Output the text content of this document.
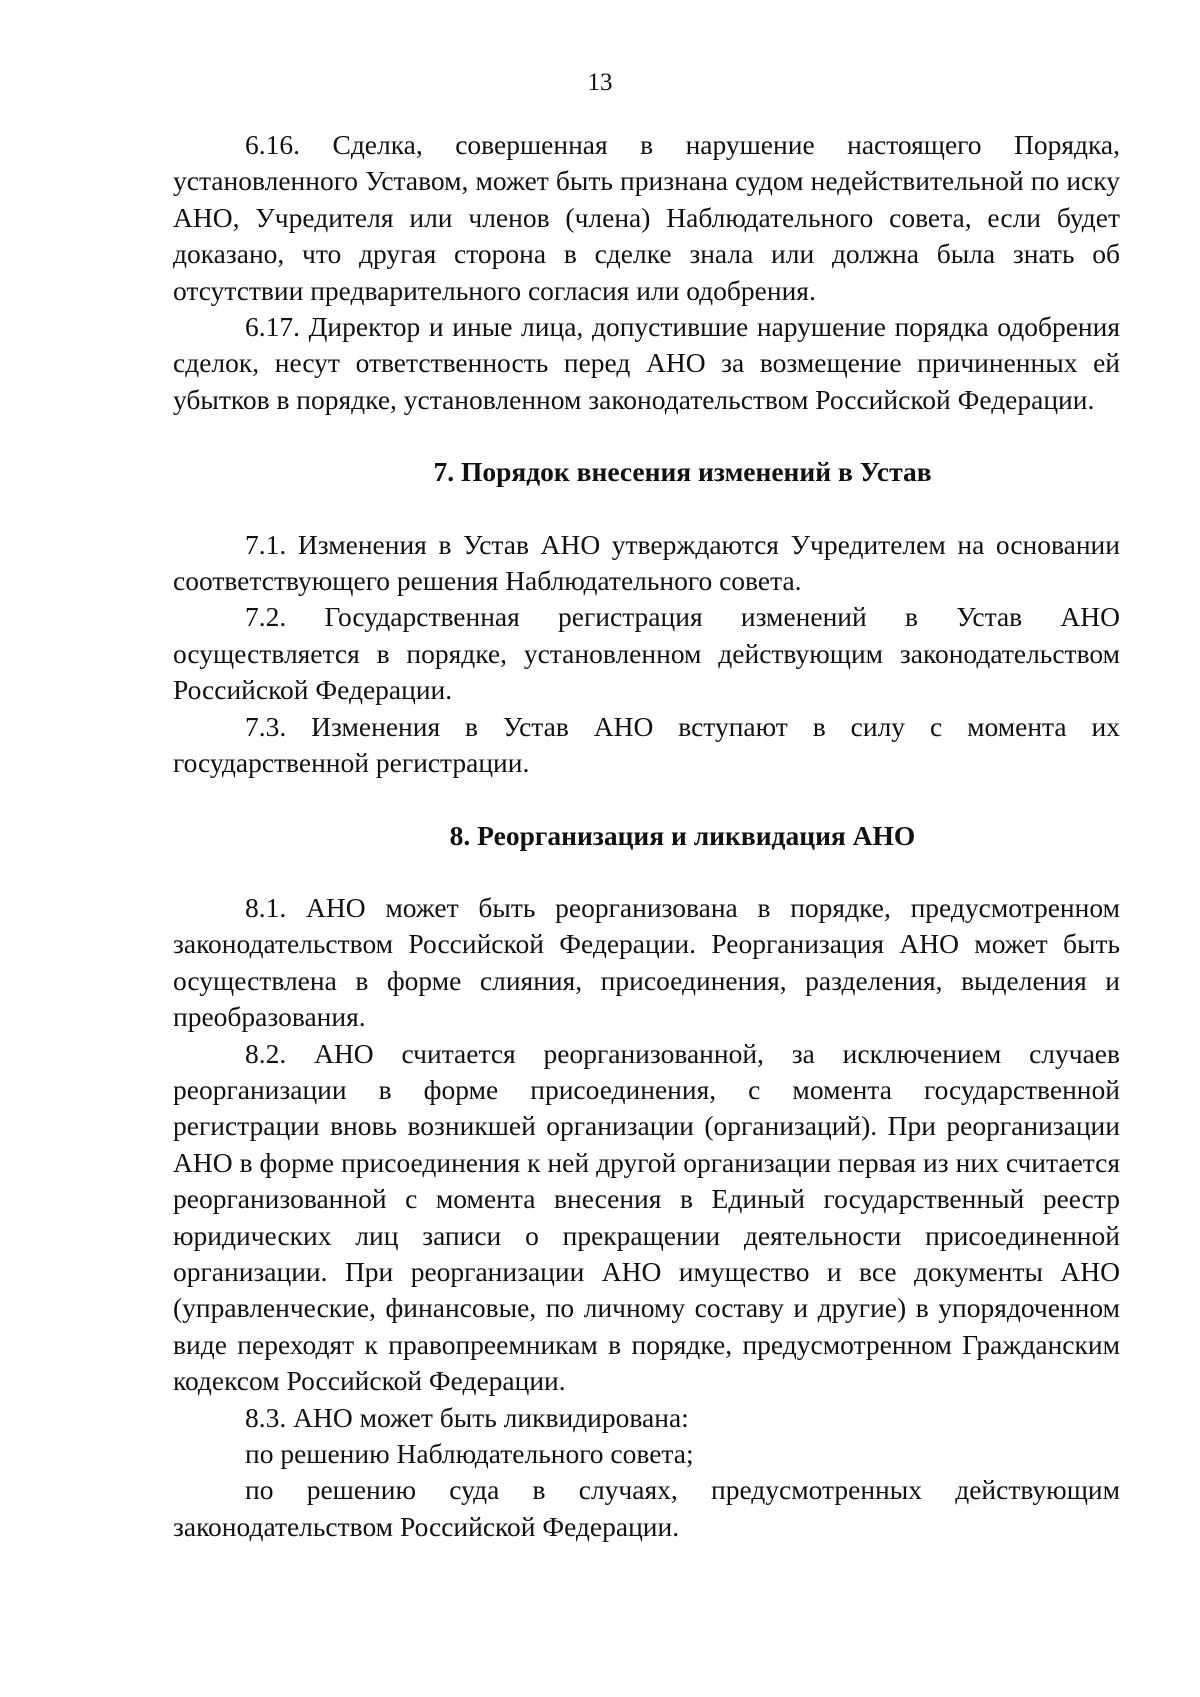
13

6.16. Сделка, совершенная в нарушение настоящего Порядка, установленного Уставом, может быть признана судом недействительной по иску АНО, Учредителя или членов (члена) Наблюдательного совета, если будет доказано, что другая сторона в сделке знала или должна была знать об отсутствии предварительного согласия или одобрения.

6.17. Директор и иные лица, допустившие нарушение порядка одобрения сделок, несут ответственность перед АНО за возмещение причиненных ей убытков в порядке, установленном законодательством Российской Федерации.

7. Порядок внесения изменений в Устав

7.1. Изменения в Устав АНО утверждаются Учредителем на основании соответствующего решения Наблюдательного совета.

7.2. Государственная регистрация изменений в Устав АНО осуществляется в порядке, установленном действующим законодательством Российской Федерации.

7.3. Изменения в Устав АНО вступают в силу с момента их государственной регистрации.

8. Реорганизация и ликвидация АНО

8.1. АНО может быть реорганизована в порядке, предусмотренном законодательством Российской Федерации. Реорганизация АНО может быть осуществлена в форме слияния, присоединения, разделения, выделения и преобразования.

8.2. АНО считается реорганизованной, за исключением случаев реорганизации в форме присоединения, с момента государственной регистрации вновь возникшей организации (организаций). При реорганизации АНО в форме присоединения к ней другой организации первая из них считается реорганизованной с момента внесения в Единый государственный реестр юридических лиц записи о прекращении деятельности присоединенной организации. При реорганизации АНО имущество и все документы АНО (управленческие, финансовые, по личному составу и другие) в упорядоченном виде переходят к правопреемникам в порядке, предусмотренном Гражданским кодексом Российской Федерации.

8.3. АНО может быть ликвидирована:

по решению Наблюдательного совета;

по решению суда в случаях, предусмотренных действующим законодательством Российской Федерации.
